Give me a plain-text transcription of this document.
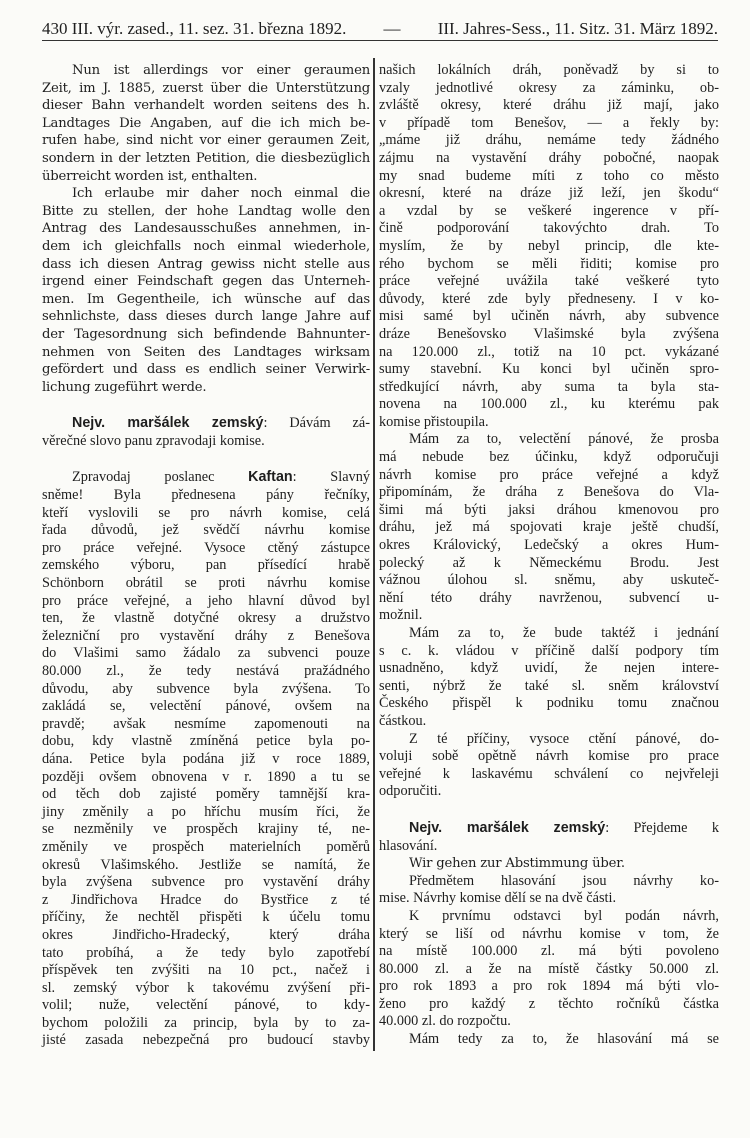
430 III. výr. zased., 11. sez. 31. března 1892. — III. Jahres-Sess., 11. Sitz. 31. März 1892.
Nun ist allerdings vor einer geraumen
Zeit, im J. 1885, zuerst über die Unterstützung
dieser Bahn verhandelt worden seitens des h.
Landtages Die Angaben, auf die ich mich be-
rufen habe, sind nicht vor einer geraumen Zeit,
sondern in der letzten Petition, die diesbezüglich
überreicht worden ist, enthalten.
Ich erlaube mir daher noch einmal die
Bitte zu stellen, der hohe Landtag wolle den
Antrag des Landesausschußes annehmen, in-
dem ich gleichfalls noch einmal wiederhole,
dass ich diesen Antrag gewiss nicht stelle aus
irgend einer Feindschaft gegen das Unterneh-
men. Im Gegentheile, ich wünsche auf das
sehnlichste, dass dieses durch lange Jahre auf
der Tagesordnung sich befindende Bahnunter-
nehmen von Seiten des Landtages wirksam
gefördert und dass es endlich seiner Verwirk-
lichung zugeführt werde.
Nejv. maršálek zemský: Dávám zá-
věrečné slovo panu zpravodaji komise.
Zpravodaj poslanec Kaftan: Slavný
sněme! Byla přednesena pány řečníky,
kteří vyslovili se pro návrh komise, celá
řada důvodů, jež svědčí návrhu komise
pro práce veřejné. Vysoce ctěný zástupce
zemského výboru, pan přísedící hrabě
Schönborn obrátil se proti návrhu komise
pro práce veřejné, a jeho hlavní důvod byl
ten, že vlastně dotyčné okresy a družstvo
železniční pro vystavění dráhy z Benešova
do Vlašimi samo žádalo za subvenci pouze
80.000 zl., že tedy nestává pražádného
důvodu, aby subvence byla zvýšena. To
zakládá se, velectění pánové, ovšem na
pravdě; avšak nesmíme zapomenouti na
dobu, kdy vlastně zmíněná petice byla po-
dána. Petice byla podána již v roce 1889,
později ovšem obnovena v r. 1890 a tu se
od těch dob zajisté poměry tamnější kra-
jiny změnily a po hříchu musím říci, že
se nezměnily ve prospěch krajiny té, ne-
změnily ve prospěch materielních poměrů
okresů Vlašimského. Jestliže se namítá, že
byla zvýšena subvence pro vystavění dráhy
z Jindřichova Hradce do Bystřice z té
příčiny, že nechtěl přispěti k účelu tomu
okres Jindřicho-Hradecký, který dráha
tato probíhá, a že tedy bylo zapotřebí
příspěvek ten zvýšiti na 10 pct., načež i
sl. zemský výbor k takovému zvýšení při-
volil; nuže, velectění pánové, to kdy-
bychom položili za princip, byla by to za-
jisté zasada nebezpečná pro budoucí stavby
našich lokálních dráh, poněvadž by si to
vzaly jednotlivé okresy za záminku, ob-
zvláště okresy, které dráhu již mají, jako
v případě tom Benešov, — a řekly by:
„máme již dráhu, nemáme tedy žádného
zájmu na vystavění dráhy pobočné, naopak
my snad budeme míti z toho co město
okresní, které na dráze již leží, jen škodu“
a vzdal by se veškeré ingerence v pří-
čině podporování takovýchto drah. To
myslím, že by nebyl princip, dle kte-
rého bychom se měli řiditi; komise pro
práce veřejné uvážila také veškeré tyto
důvody, které zde byly předneseny. I v ko-
misi samé byl učiněn návrh, aby subvence
dráze Benešovsko Vlašimské byla zvýšena
na 120.000 zl., totiž na 10 pct. vykázané
sumy stavební. Ku konci byl učiněn spro-
středkující návrh, aby suma ta byla sta-
novena na 100.000 zl., ku kterému pak
komise přistoupila.
Mám za to, velectění pánové, že prosba
má nebude bez účinku, když odporučuji
návrh komise pro práce veřejné a když
připomínám, že dráha z Benešova do Vla-
šimi má býti jaksi dráhou kmenovou pro
dráhu, jež má spojovati kraje ještě chudší,
okres Královický, Ledečský a okres Hum-
polecký až k Německému Brodu. Jest
vážnou úlohou sl. sněmu, aby uskuteč-
nění této dráhy navrženou, subvencí u-
možnil.
Mám za to, že bude taktéž i jednání
s c. k. vládou v příčině další podpory tím
usnadněno, když uvidí, že nejen intere-
senti, nýbrž že také sl. sněm království
Českého přispěl k podniku tomu značnou
částkou.
Z té příčiny, vysoce ctění pánové, do-
voluji sobě opětně návrh komise pro prace
veřejné k laskavému schválení co nejvřeleji
odporučiti.
Nejv. maršálek zemský: Přejdeme k
hlasování.
Wir gehen zur Abstimmung über.
Předmětem hlasování jsou návrhy ko-
mise. Návrhy komise dělí se na dvě části.
K prvnímu odstavci byl podán návrh,
který se liší od návrhu komise v tom, že
na místě 100.000 zl. má býti povoleno
80.000 zl. a že na místě částky 50.000 zl.
pro rok 1893 a pro rok 1894 má býti vlo-
ženo pro každý z těchto ročníků částka
40.000 zl. do rozpočtu.
Mám tedy za to, že hlasování má se
